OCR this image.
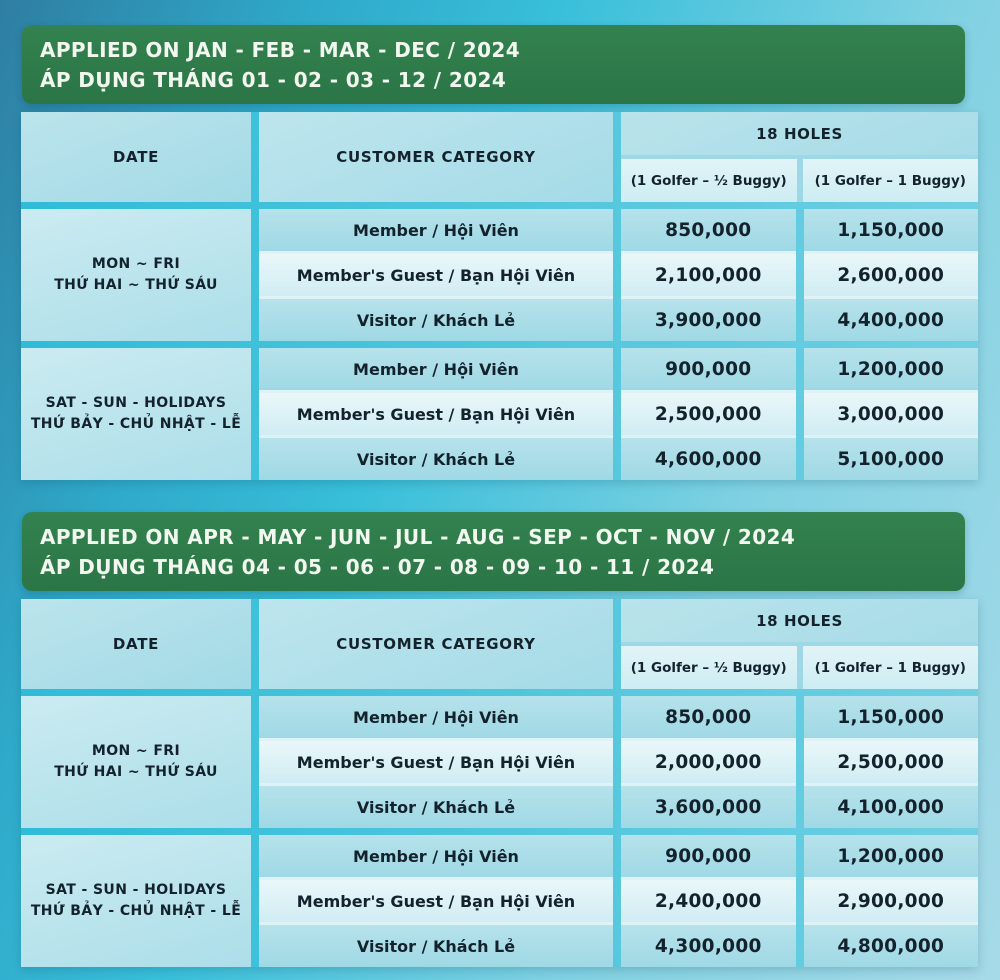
APPLIED ON JAN - FEB - MAR - DEC / 2024
ÁP DỤNG THÁNG 01 - 02 - 03 - 12 / 2024
DATE	CUSTOMER CATEGORY
18 HOLES
(1 Golfer – ½ Buggy)	(1 Golfer – 1 Buggy)
MON ~ FRI
THỨ HAI ~ THỨ SÁU
Member / Hội Viên	850,000	1,150,000
Member's Guest / Bạn Hội Viên	2,100,000	2,600,000
Visitor / Khách Lẻ	3,900,000	4,400,000
SAT - SUN - HOLIDAYS
THỨ BẢY - CHỦ NHẬT - LỄ
Member / Hội Viên	900,000	1,200,000
Member's Guest / Bạn Hội Viên	2,500,000	3,000,000
Visitor / Khách Lẻ	4,600,000	5,100,000
APPLIED ON APR - MAY - JUN - JUL - AUG - SEP - OCT - NOV / 2024
ÁP DỤNG THÁNG 04 - 05 - 06 - 07 - 08 - 09 - 10 - 11 / 2024
DATE	CUSTOMER CATEGORY
18 HOLES
(1 Golfer – ½ Buggy)	(1 Golfer – 1 Buggy)
MON ~ FRI
THỨ HAI ~ THỨ SÁU
Member / Hội Viên	850,000	1,150,000
Member's Guest / Bạn Hội Viên	2,000,000	2,500,000
Visitor / Khách Lẻ	3,600,000	4,100,000
SAT - SUN - HOLIDAYS
THỨ BẢY - CHỦ NHẬT - LỄ
Member / Hội Viên	900,000	1,200,000
Member's Guest / Bạn Hội Viên	2,400,000	2,900,000
Visitor / Khách Lẻ	4,300,000	4,800,000
